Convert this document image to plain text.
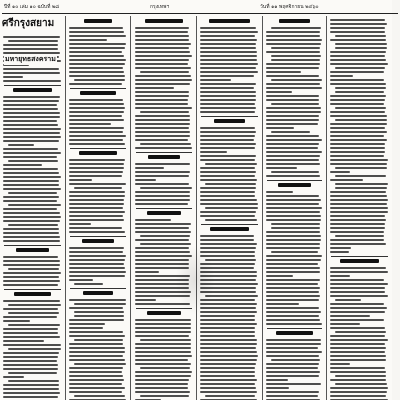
ปีที่ ๑๐ เล่ม ๑๐ ฉบับที่ ๒๘	กรุงเทพฯ	วันที่ ๑๑ พฤศจิกายน ๒๔๖๐
ศรีกรุงสยาม
มหายุทธสงคราม
